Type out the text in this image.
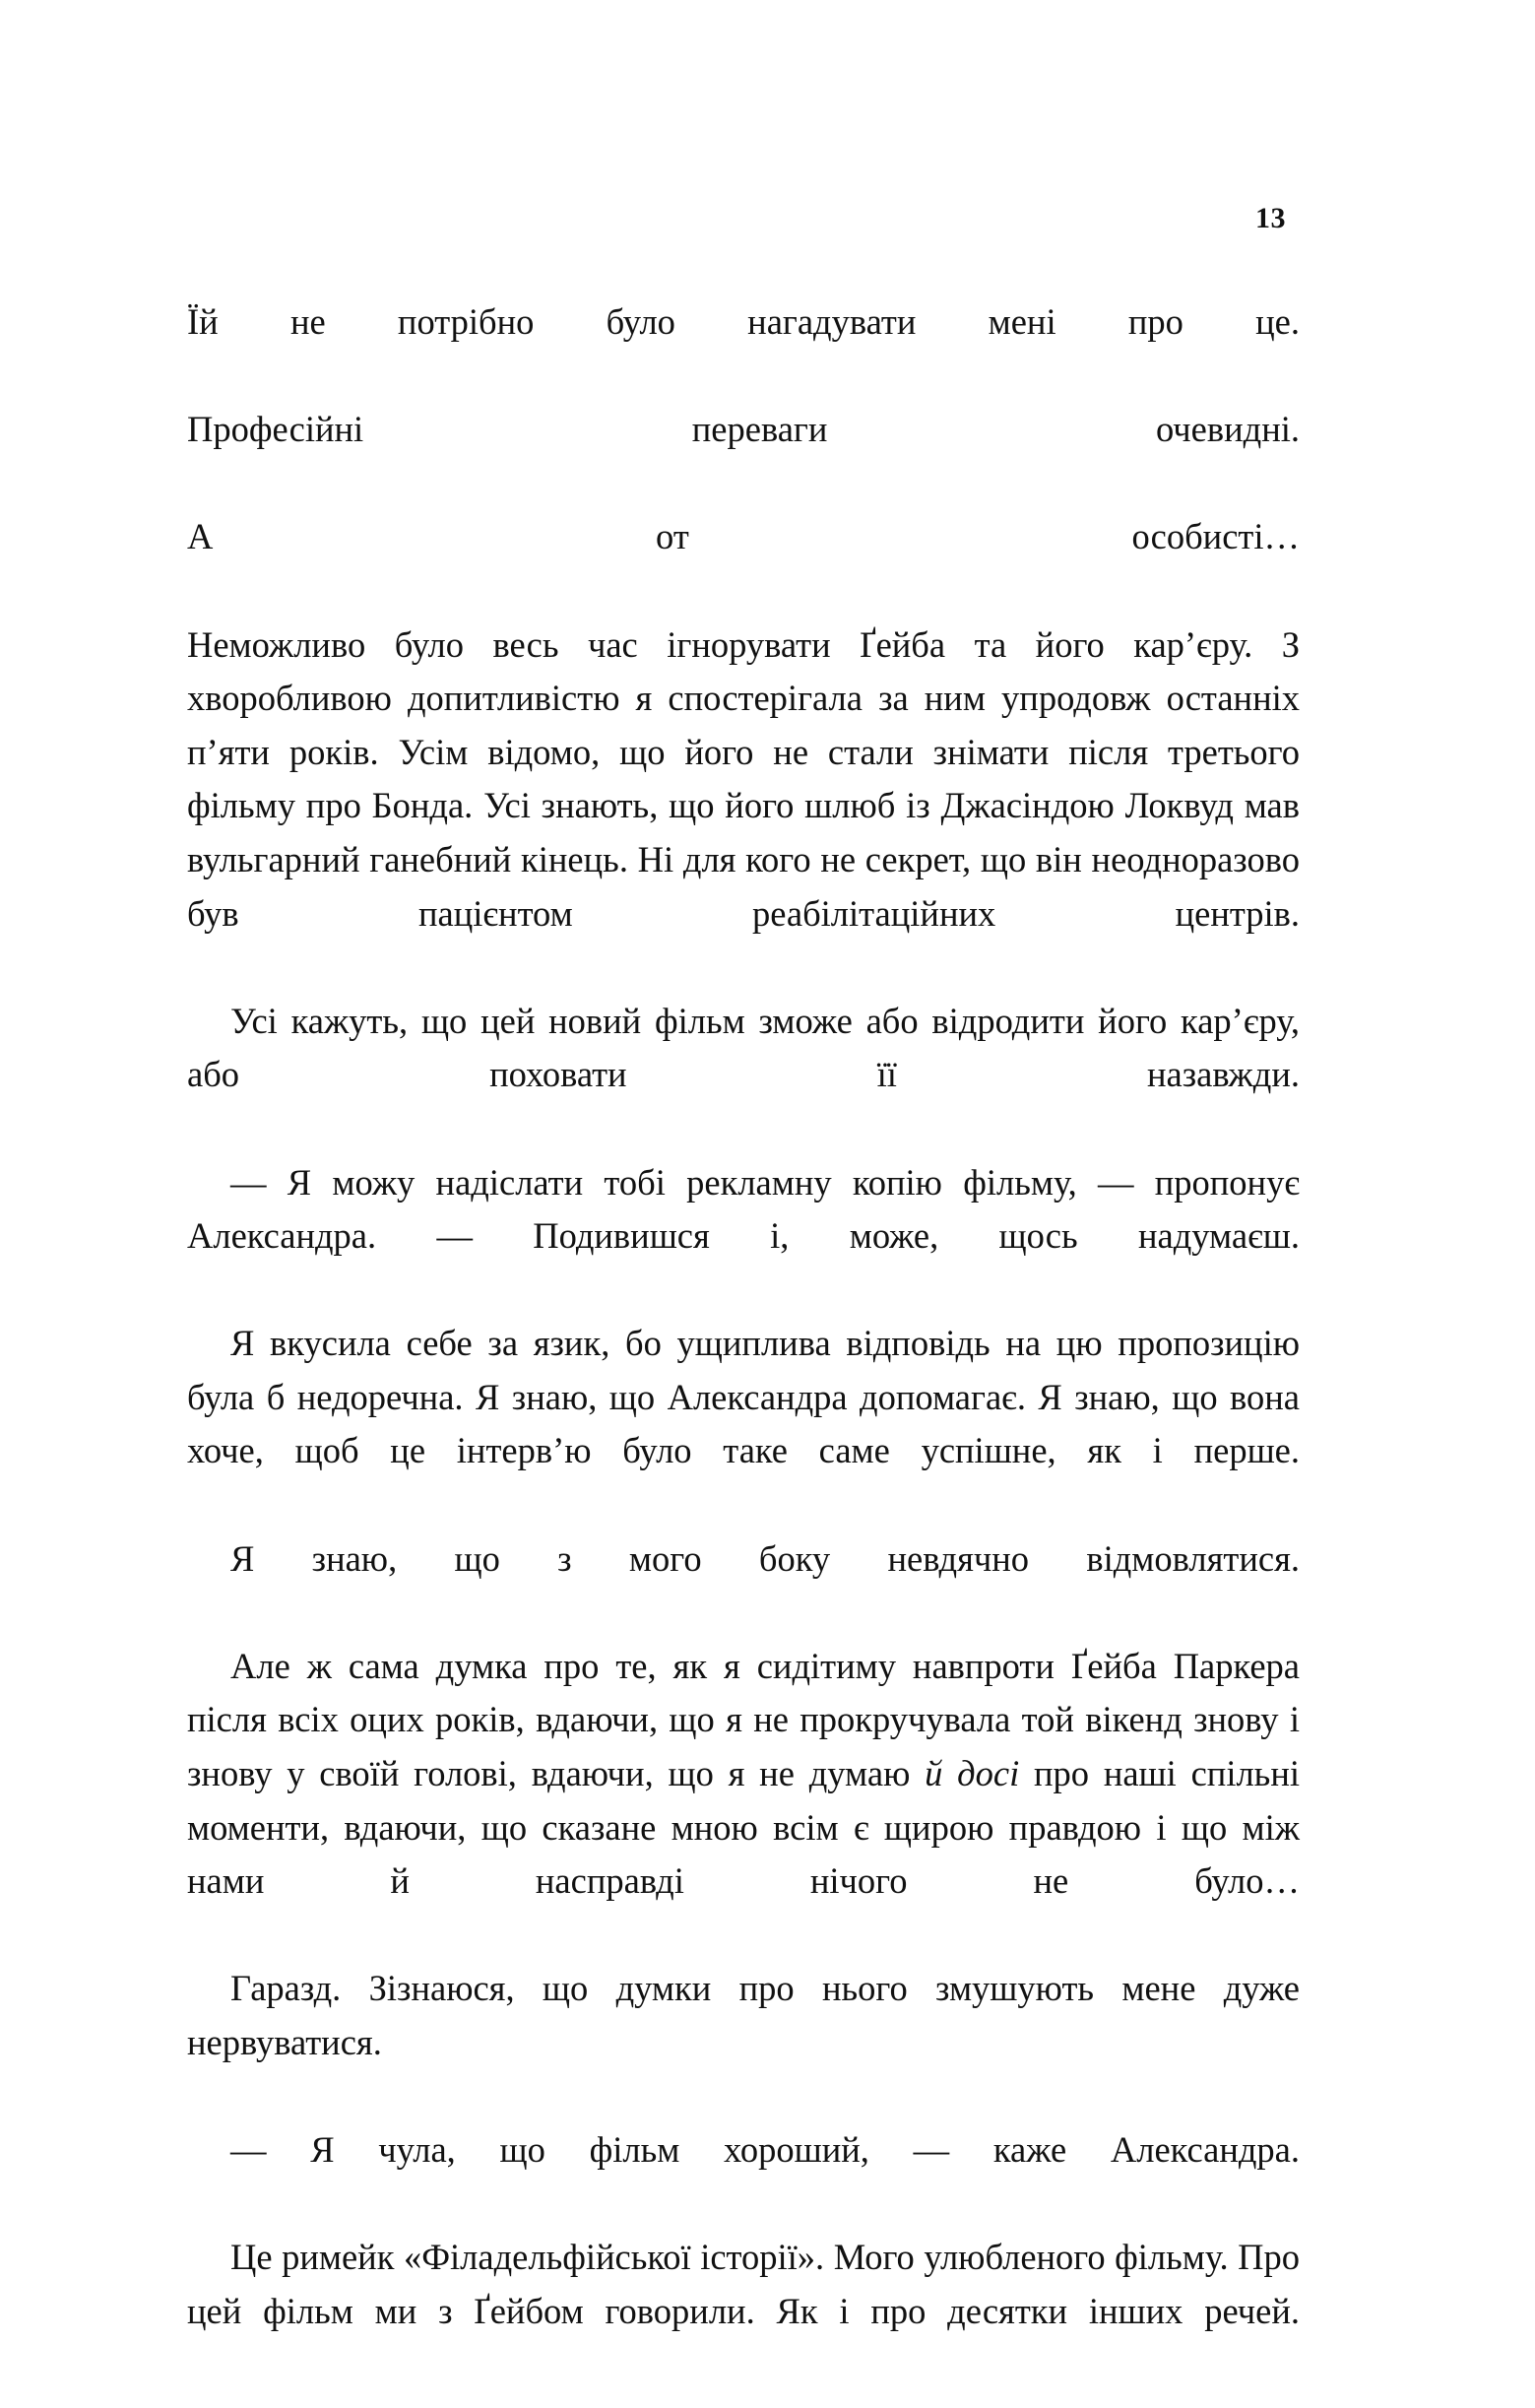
13

Їй не потрібно було нагадувати мені про це.

Професійні переваги очевидні.

А от особисті…

Неможливо було весь час ігнорувати Ґейба та його кар’єру. З хворобливою допитливістю я спостерігала за ним упродовж останніх п’яти років. Усім відомо, що його не стали знімати після третього фільму про Бонда. Усі знають, що його шлюб із Джасіндою Локвуд мав вульгарний ганебний кінець. Ні для кого не секрет, що він неодноразово був пацієнтом реабілітаційних центрів.

Усі кажуть, що цей новий фільм зможе або відродити його кар’єру, або поховати її назавжди.

— Я можу надіслати тобі рекламну копію фільму, — пропонує Александра. — Подивишся і, може, щось надумаєш.

Я вкусила себе за язик, бо ущиплива відповідь на цю пропозицію була б недоречна. Я знаю, що Александра допомагає. Я знаю, що вона хоче, щоб це інтерв’ю було таке саме успішне, як і перше.

Я знаю, що з мого боку невдячно відмовлятися.

Але ж сама думка про те, як я сидітиму навпроти Ґейба Паркера після всіх оцих років, вдаючи, що я не прокручувала той вікенд знову і знову у своїй голові, вдаючи, що я не думаю й досі про наші спільні моменти, вдаючи, що сказане мною всім є щирою правдою і що між нами й насправді нічого не було…

Гаразд. Зізнаюся, що думки про нього змушують мене дуже нервуватися.

— Я чула, що фільм хороший, — каже Александра.

Це римейк «Філадельфійської історії». Мого улюбленого фільму. Про цей фільм ми з Ґейбом говорили. Як і про десятки інших речей.
